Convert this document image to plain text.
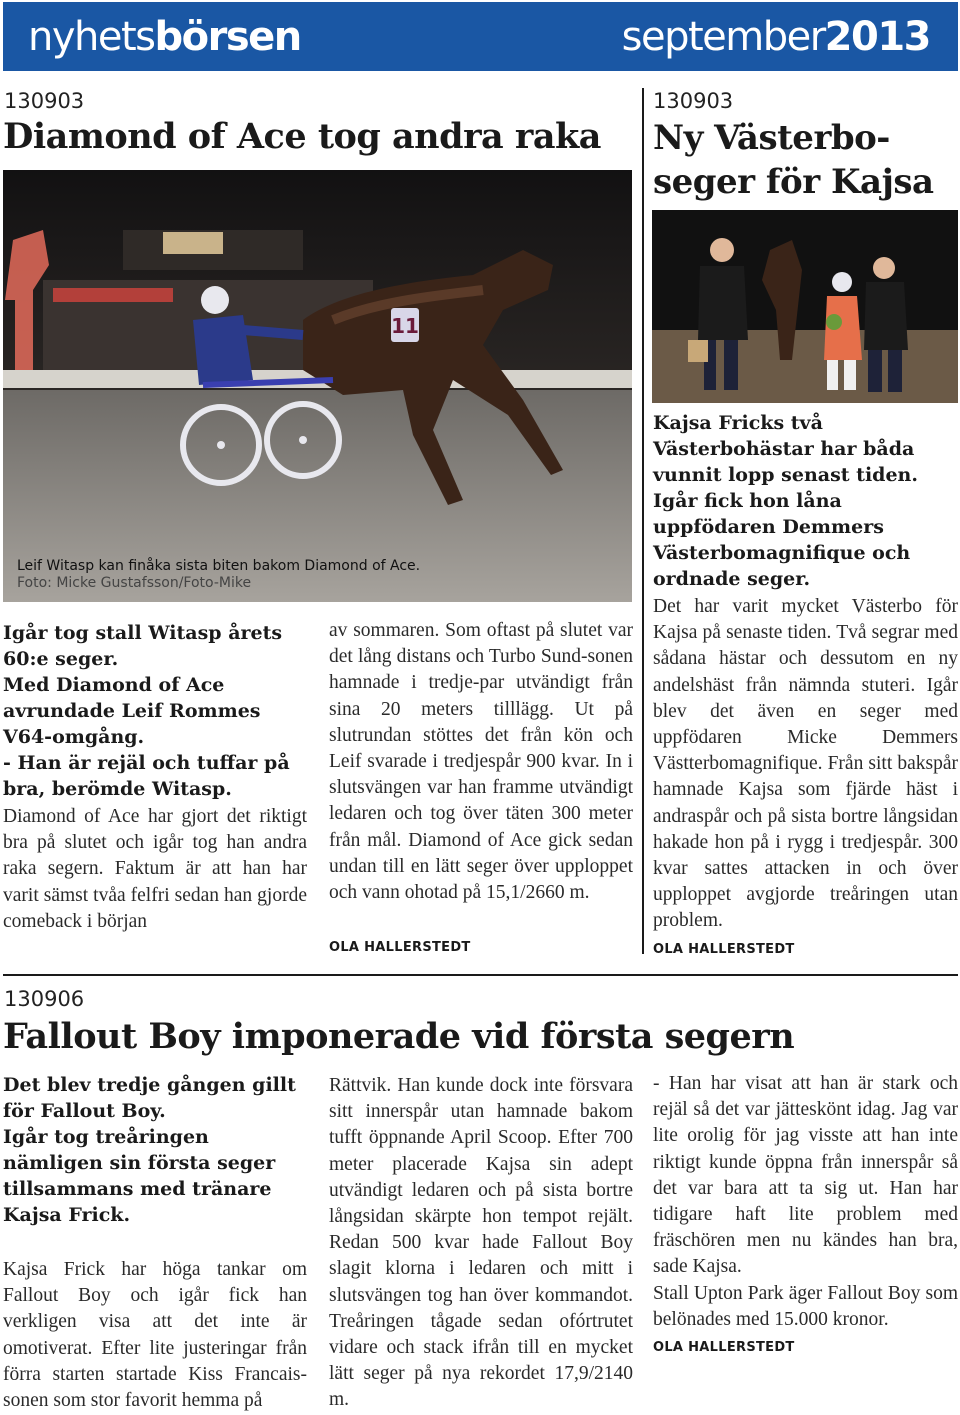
nyhetsbörsen	september2013
130903
Diamond of Ace tog andra raka
11
Leif Witasp kan finåka sista biten bakom Diamond of Ace.
Foto: Micke Gustafsson/Foto-Mike

Igår tog stall Witasp årets 60:e seger.

Med Diamond of Ace avrundade Leif Rommes V64-omgång.

- Han är rejäl och tuffar på bra, berömde Witasp.

Diamond of Ace har gjort det riktigt bra på slutet och igår tog han andra raka segern. Faktum är att han har varit sämst tvåa felfri sedan han gjorde comeback i början
av sommaren. Som oftast på slutet var det lång distans och Turbo Sund-sonen hamnade i tredje-par utvändigt från sina 20 meters tilllägg. Ut på slutrundan stöttes det från kön och Leif svarade i tredjespår 900 kvar. In i slutsvängen var han framme utvändigt ledaren och tog över täten 300 meter från mål. Diamond of Ace gick sedan undan till en lätt seger över upploppet och vann ohotad på 15,1/2660 m.
OLA HALLERSTEDT
130903
Ny Västerbo-
seger för Kajsa

Kajsa Fricks två Västerbohästar har båda vunnit lopp senast tiden.

Igår fick hon låna uppfödaren Demmers Västerbomagnifique och ordnade seger.

Det har varit mycket Västerbo för Kajsa på senaste tiden. Två segrar med sådana hästar och dessutom en ny andelshäst från nämnda stuteri. Igår blev det även en seger med uppfödaren Micke Demmers Västterbomagnifique. Från sitt bakspår hamnade Kajsa som fjärde häst i andraspår och på sista bortre långsidan hakade hon på i rygg i tredjespår. 300 kvar sattes attacken in och över upploppet avgjorde treåringen utan problem.
OLA HALLERSTEDT
130906
Fallout Boy imponerade vid första segern

Det blev tredje gången gillt för Fallout Boy.

Igår tog treåringen nämligen sin första seger tillsammans med tränare Kajsa Frick.

Kajsa Frick har höga tankar om Fallout Boy och igår fick han verkligen visa att det inte är omotiverat. Efter lite justeringar från förra starten startade Kiss Francais-sonen som stor favorit hemma på
Rättvik. Han kunde dock inte försvara sitt innerspår utan hamnade bakom tufft öppnande April Scoop. Efter 700 meter placerade Kajsa sin adept utvändigt ledaren och på sista bortre långsidan skärpte hon tempot rejält. Redan 500 kvar hade Fallout Boy slagit klorna i ledaren och mitt i slutsvängen tog han över kommandot. Treåringen tågade sedan ofórtrutet vidare och stack ifrån till en mycket lätt seger på nya rekordet 17,9/2140 m.

- Han har visat att han är stark och rejäl så det var jätteskönt idag. Jag var lite orolig för jag visste att han inte riktigt kunde öppna från innerspår så det var bara att ta sig ut. Han har tidigare haft lite problem med fräschören men nu kändes han bra, sade Kajsa.

Stall Upton Park äger Fallout Boy som belönades med 15.000 kronor.

OLA HALLERSTEDT
